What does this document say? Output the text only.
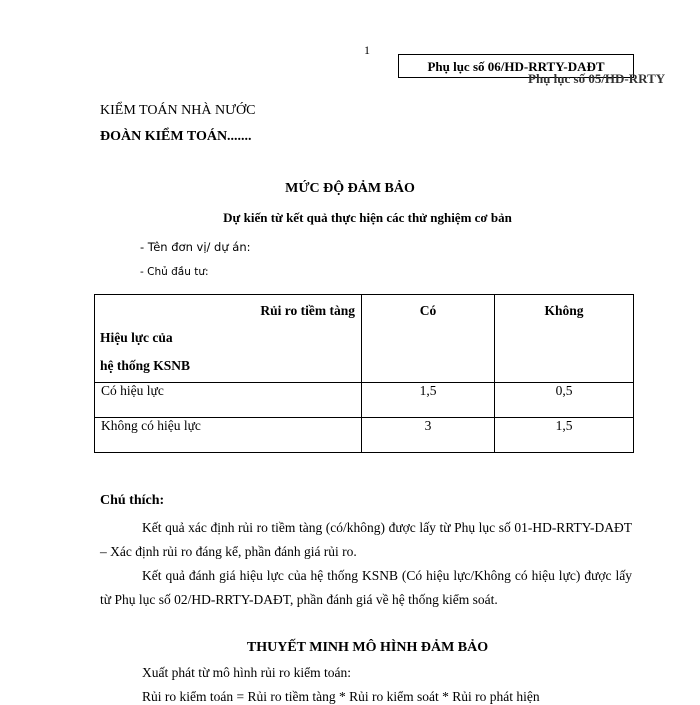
1
Phụ lục số 06/HD-RRTY-DAĐT
Phụ lục số 05/HD-RRTY
KIỂM TOÁN NHÀ NƯỚC
ĐOÀN KIỂM TOÁN.......
MỨC ĐỘ ĐẢM BẢO
Dự kiến từ kết quả thực hiện các thử nghiệm cơ bản
- Tên đơn vị/ dự án:
- Chủ đầu tư:
Rủi ro tiềm tàng
Hiệu lực của
hệ thống KSNB	Có	Không
Có hiệu lực	1,5	0,5
Không có hiệu lực	3	1,5
Chú thích:
Kết quả xác định rủi ro tiềm tàng (có/không) được lấy từ Phụ lục số 01-HD-RRTY-DAĐT – Xác định rủi ro đáng kể, phần đánh giá rủi ro.
Kết quả đánh giá hiệu lực của hệ thống KSNB (Có hiệu lực/Không có hiệu lực) được lấy từ Phụ lục số 02/HD-RRTY-DAĐT, phần đánh giá về hệ thống kiểm soát.
THUYẾT MINH MÔ HÌNH ĐẢM BẢO
Xuất phát từ mô hình rủi ro kiểm toán:
Rủi ro kiểm toán = Rủi ro tiềm tàng * Rủi ro kiểm soát * Rủi ro phát hiện
